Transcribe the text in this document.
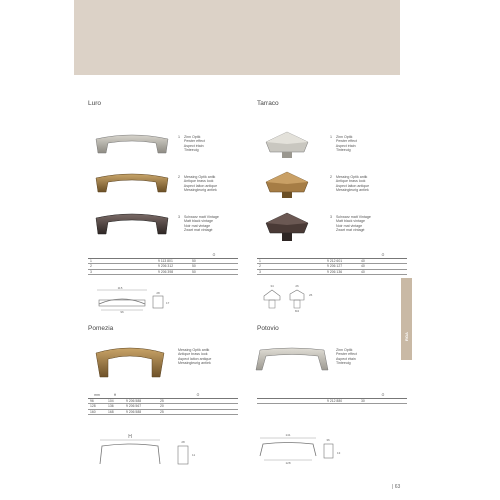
RGA
Luro
1 Zinn Optik
Pewter effect
Aspect étain
Tinteeuig
2 Messing Optik antik
Antique brass look
Aspect laiton antique
Messingleurig antiek
3 Schwarz matt Vintage
Matt black vintage
Noir mat vintage
Zwart mat vintagé
			Ö
1		9 113 801	50
2		9 206 312	50
3		9 206 398	50
115
96
28
17
Tarraco
1 Zinn Optik
Pewter effect
Aspect étain
Tinteeuig
2 Messing Optik antik
Antique brass look
Aspect laiton antique
Messingleurig antiek
3 Schwarz matt Vintage
Matt black vintage
Noir mat vintage
Zwart mat vintagé
			Ö
1		9 212 601	40
2		9 206 127	40
3		9 206 136	40
34	26
26
M4
Pomezia
Messing Optik antik
Antique brass look
Aspect laiton antique
Messingleurig antiek
mm	H		Ö
96	104	9 206 588	25
128	136	9 206 567	20
160	168	9 206 588	25
H
28
11
Potovio
Zinn Optik
Pewter effect
Aspect étain
Tinteeuig
			Ö
		9 212 880	30
141
128
36
13
| 63
